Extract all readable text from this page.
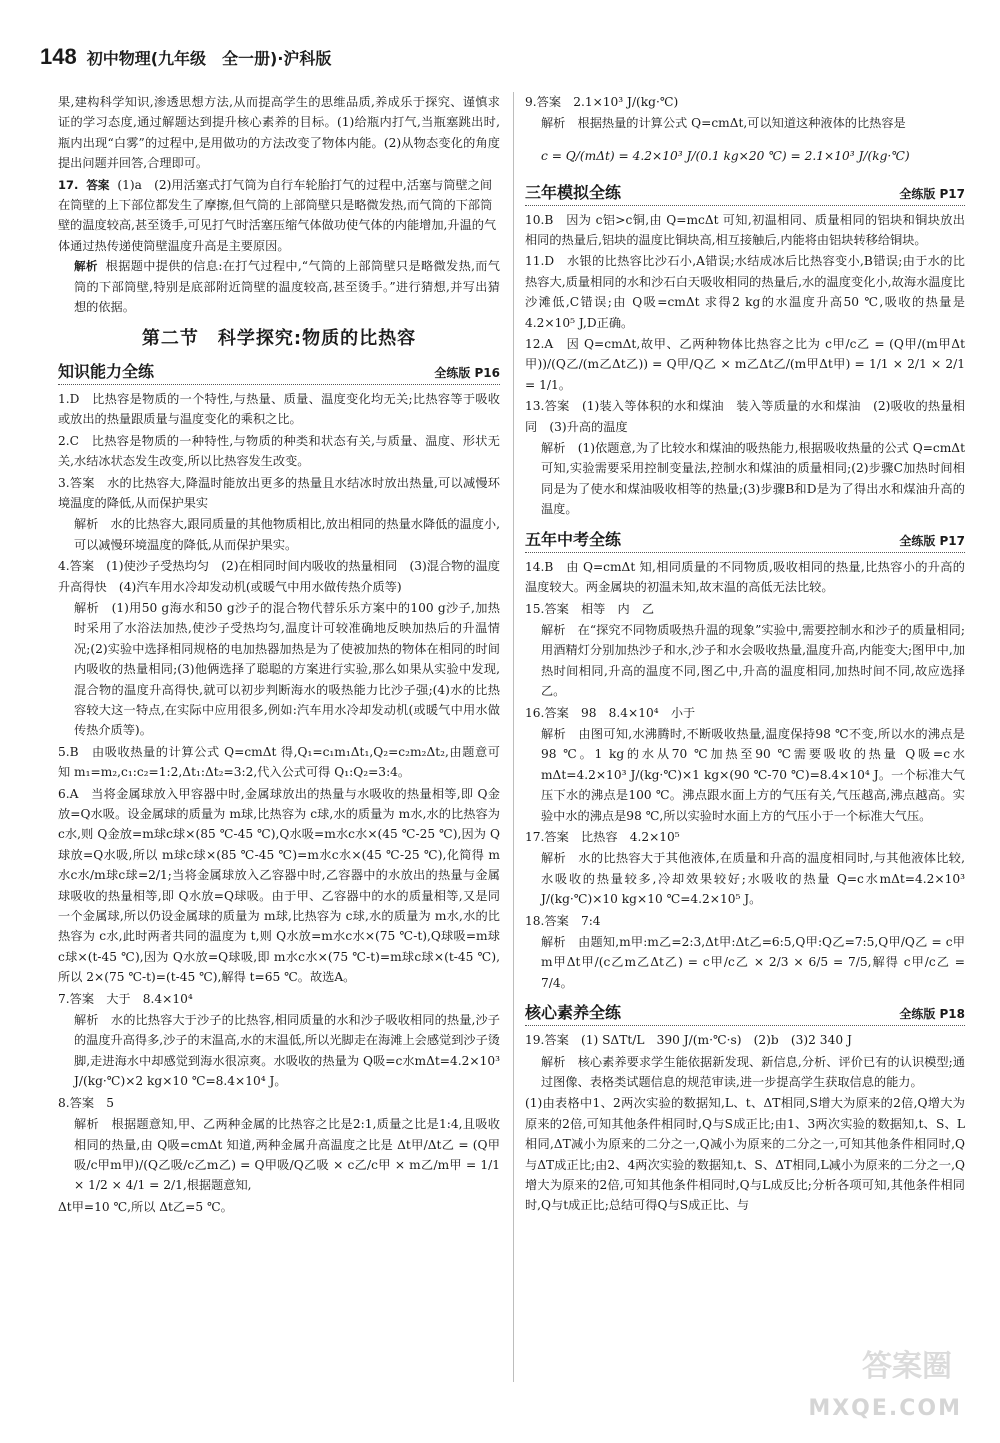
148 初中物理(九年级　全一册)·沪科版

果,建构科学知识,渗透思想方法,从而提高学生的思维品质,养成乐于探究、谨慎求证的学习态度,通过解题达到提升核心素养的目标。(1)给瓶内打气,当瓶塞跳出时,瓶内出现“白雾”的过程中,是用做功的方法改变了物体内能。(2)从物态变化的角度提出问题并回答,合理即可。

17. 答案 (1)a　(2)用活塞式打气筒为自行车轮胎打气的过程中,活塞与筒壁之间在筒壁的上下部位都发生了摩擦,但气筒的上部筒壁只是略微发热,而气筒的下部筒壁的温度较高,甚至烫手,可见打气时活塞压缩气体做功使气体的内能增加,升温的气体通过热传递使筒壁温度升高是主要原因。

解析 根据题中提供的信息:在打气过程中,“气筒的上部筒壁只是略微发热,而气筒的下部筒壁,特别是底部附近筒壁的温度较高,甚至烫手。”进行猜想,并写出猜想的依据。

第二节　科学探究:物质的比热容
知识能力全练	全练版 P16

1.D　比热容是物质的一个特性,与热量、质量、温度变化均无关;比热容等于吸收或放出的热量跟质量与温度变化的乘积之比。

2.C　比热容是物质的一种特性,与物质的种类和状态有关,与质量、温度、形状无关,水结冰状态发生改变,所以比热容发生改变。

3.答案　水的比热容大,降温时能放出更多的热量且水结冰时放出热量,可以减慢环境温度的降低,从而保护果实

解析　水的比热容大,跟同质量的其他物质相比,放出相同的热量水降低的温度小,可以减慢环境温度的降低,从而保护果实。

4.答案　(1)使沙子受热均匀　(2)在相同时间内吸收的热量相同　(3)混合物的温度升高得快　(4)汽车用水冷却发动机(或暖气中用水做传热介质等)

解析　(1)用50 g海水和50 g沙子的混合物代替乐乐方案中的100 g沙子,加热时采用了水浴法加热,使沙子受热均匀,温度计可较准确地反映加热后的升温情况;(2)实验中选择相同规格的电加热器加热是为了使被加热的物体在相同的时间内吸收的热量相同;(3)他俩选择了聪聪的方案进行实验,那么如果从实验中发现,混合物的温度升高得快,就可以初步判断海水的吸热能力比沙子强;(4)水的比热容较大这一特点,在实际中应用很多,例如:汽车用水冷却发动机(或暖气中用水做传热介质等)。

5.B　由吸收热量的计算公式 Q=cmΔt 得,Q₁=c₁m₁Δt₁,Q₂=c₂m₂Δt₂,由题意可知 m₁=m₂,c₁:c₂=1:2,Δt₁:Δt₂=3:2,代入公式可得 Q₁:Q₂=3:4。

6.A　当将金属球放入甲容器中时,金属球放出的热量与水吸收的热量相等,即 Q金放=Q水吸。设金属球的质量为 m球,比热容为 c球,水的质量为 m水,水的比热容为 c水,则 Q金放=m球c球×(85 ℃-45 ℃),Q水吸=m水c水×(45 ℃-25 ℃),因为 Q球放=Q水吸,所以 m球c球×(85 ℃-45 ℃)=m水c水×(45 ℃-25 ℃),化简得 m水c水/m球c球=2/1;当将金属球放入乙容器中时,乙容器中的水放出的热量与金属球吸收的热量相等,即 Q水放=Q球吸。由于甲、乙容器中的水的质量相等,又是同一个金属球,所以仍设金属球的质量为 m球,比热容为 c球,水的质量为 m水,水的比热容为 c水,此时两者共同的温度为 t,则 Q水放=m水c水×(75 ℃-t),Q球吸=m球c球×(t-45 ℃),因为 Q水放=Q球吸,即 m水c水×(75 ℃-t)=m球c球×(t-45 ℃),所以 2×(75 ℃-t)=(t-45 ℃),解得 t=65 ℃。故选A。

7.答案　大于　8.4×10⁴

解析　水的比热容大于沙子的比热容,相同质量的水和沙子吸收相同的热量,沙子的温度升高得多,沙子的末温高,水的末温低,所以光脚走在海滩上会感觉到沙子烫脚,走进海水中却感觉到海水很凉爽。水吸收的热量为 Q吸=c水mΔt=4.2×10³ J/(kg·℃)×2 kg×10 ℃=8.4×10⁴ J。

8.答案　5

解析　根据题意知,甲、乙两种金属的比热容之比是2:1,质量之比是1:4,且吸收相同的热量,由 Q吸=cmΔt 知道,两种金属升高温度之比是 Δt甲/Δt乙 = (Q甲吸/c甲m甲)/(Q乙吸/c乙m乙) = Q甲吸/Q乙吸 × c乙/c甲 × m乙/m甲 = 1/1 × 1/2 × 4/1 = 2/1,根据题意知,

Δt甲=10 ℃,所以 Δt乙=5 ℃。

9.答案　2.1×10³ J/(kg·℃)

解析　根据热量的计算公式 Q=cmΔt,可以知道这种液体的比热容是

c = Q/(mΔt) = 4.2×10³ J/(0.1 kg×20 ℃) = 2.1×10³ J/(kg·℃)

三年模拟全练	全练版 P17

10.B　因为 c铝>c铜,由 Q=mcΔt 可知,初温相同、质量相同的铝块和铜块放出相同的热量后,铝块的温度比铜块高,相互接触后,内能将由铝块转移给铜块。

11.D　水银的比热容比沙石小,A错误;水结成冰后比热容变小,B错误;由于水的比热容大,质量相同的水和沙石白天吸收相同的热量后,水的温度变化小,故海水温度比沙滩低,C错误;由 Q吸=cmΔt 求得2 kg的水温度升高50 ℃,吸收的热量是4.2×10⁵ J,D正确。

12.A　因 Q=cmΔt,故甲、乙两种物体比热容之比为 c甲/c乙 = (Q甲/(m甲Δt甲))/(Q乙/(m乙Δt乙)) = Q甲/Q乙 × m乙Δt乙/(m甲Δt甲) = 1/1 × 2/1 × 2/1 = 1/1。

13.答案　(1)装入等体积的水和煤油　装入等质量的水和煤油　(2)吸收的热量相同　(3)升高的温度

解析　(1)依题意,为了比较水和煤油的吸热能力,根据吸收热量的公式 Q=cmΔt 可知,实验需要采用控制变量法,控制水和煤油的质量相同;(2)步骤C加热时间相同是为了使水和煤油吸收相等的热量;(3)步骤B和D是为了得出水和煤油升高的温度。

五年中考全练	全练版 P17

14.B　由 Q=cmΔt 知,相同质量的不同物质,吸收相同的热量,比热容小的升高的温度较大。两金属块的初温未知,故末温的高低无法比较。

15.答案　相等　内　乙

解析　在“探究不同物质吸热升温的现象”实验中,需要控制水和沙子的质量相同;用酒精灯分别加热沙子和水,沙子和水会吸收热量,温度升高,内能变大;图甲中,加热时间相同,升高的温度不同,图乙中,升高的温度相同,加热时间不同,故应选择乙。

16.答案　98　8.4×10⁴　小于

解析　由图可知,水沸腾时,不断吸收热量,温度保持98 ℃不变,所以水的沸点是98 ℃。1 kg的水从70 ℃加热至90 ℃需要吸收的热量 Q吸=c水mΔt=4.2×10³ J/(kg·℃)×1 kg×(90 ℃-70 ℃)=8.4×10⁴ J。一个标准大气压下水的沸点是100 ℃。沸点跟水面上方的气压有关,气压越高,沸点越高。实验中水的沸点是98 ℃,所以实验时水面上方的气压小于一个标准大气压。

17.答案　比热容　4.2×10⁵

解析　水的比热容大于其他液体,在质量和升高的温度相同时,与其他液体比较,水吸收的热量较多,冷却效果较好;水吸收的热量 Q=c水mΔt=4.2×10³ J/(kg·℃)×10 kg×10 ℃=4.2×10⁵ J。

18.答案　7:4

解析　由题知,m甲:m乙=2:3,Δt甲:Δt乙=6:5,Q甲:Q乙=7:5,Q甲/Q乙 = c甲m甲Δt甲/(c乙m乙Δt乙) = c甲/c乙 × 2/3 × 6/5 = 7/5,解得 c甲/c乙 = 7/4。

核心素养全练	全练版 P18

19.答案　(1) SΔTt/L　390 J/(m·℃·s)　(2)b　(3)2 340 J

解析　核心素养要求学生能依据新发现、新信息,分析、评价已有的认识模型;通过图像、表格类试题信息的规范审读,进一步提高学生获取信息的能力。

(1)由表格中1、2两次实验的数据知,L、t、ΔT相同,S增大为原来的2倍,Q增大为原来的2倍,可知其他条件相同时,Q与S成正比;由1、3两次实验的数据知,t、S、L相同,ΔT减小为原来的二分之一,Q减小为原来的二分之一,可知其他条件相同时,Q与ΔT成正比;由2、4两次实验的数据知,t、S、ΔT相同,L减小为原来的二分之一,Q增大为原来的2倍,可知其他条件相同时,Q与L成反比;分析各项可知,其他条件相同时,Q与t成正比;总结可得Q与S成正比、与

答案圈
MXQE.COM
